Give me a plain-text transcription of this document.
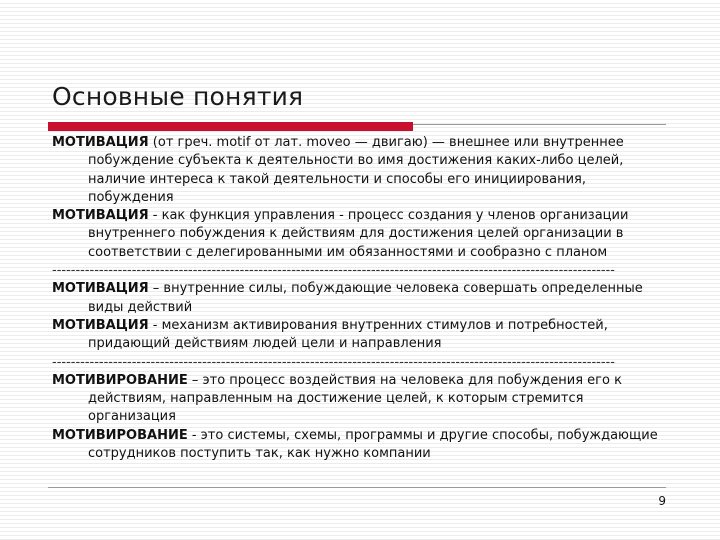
Основные понятия
МОТИВАЦИЯ (от греч. motif от лат. moveo — двигаю) — внешнее или внутреннее побуждение субъекта к деятельности во имя достижения каких-либо целей, наличие интереса к такой деятельности и способы его инициирования, побуждения
МОТИВАЦИЯ - как функция управления - процесс создания у членов организации внутреннего побуждения к действиям для достижения целей организации в соответствии с делегированными им обязанностями и сообразно с планом
------------------------------------------------------------------------------------------------------------------------
МОТИВАЦИЯ – внутренние силы, побуждающие человека совершать определенные виды действий
МОТИВАЦИЯ - механизм активирования внутренних стимулов и потребностей, придающий действиям людей цели и направления
------------------------------------------------------------------------------------------------------------------------
МОТИВИРОВАНИЕ – это процесс воздействия на человека для побуждения его к действиям, направленным на достижение целей, к которым стремится организация
МОТИВИРОВАНИЕ - это системы, схемы, программы и другие способы, побуждающие сотрудников поступить так, как нужно компании
9
